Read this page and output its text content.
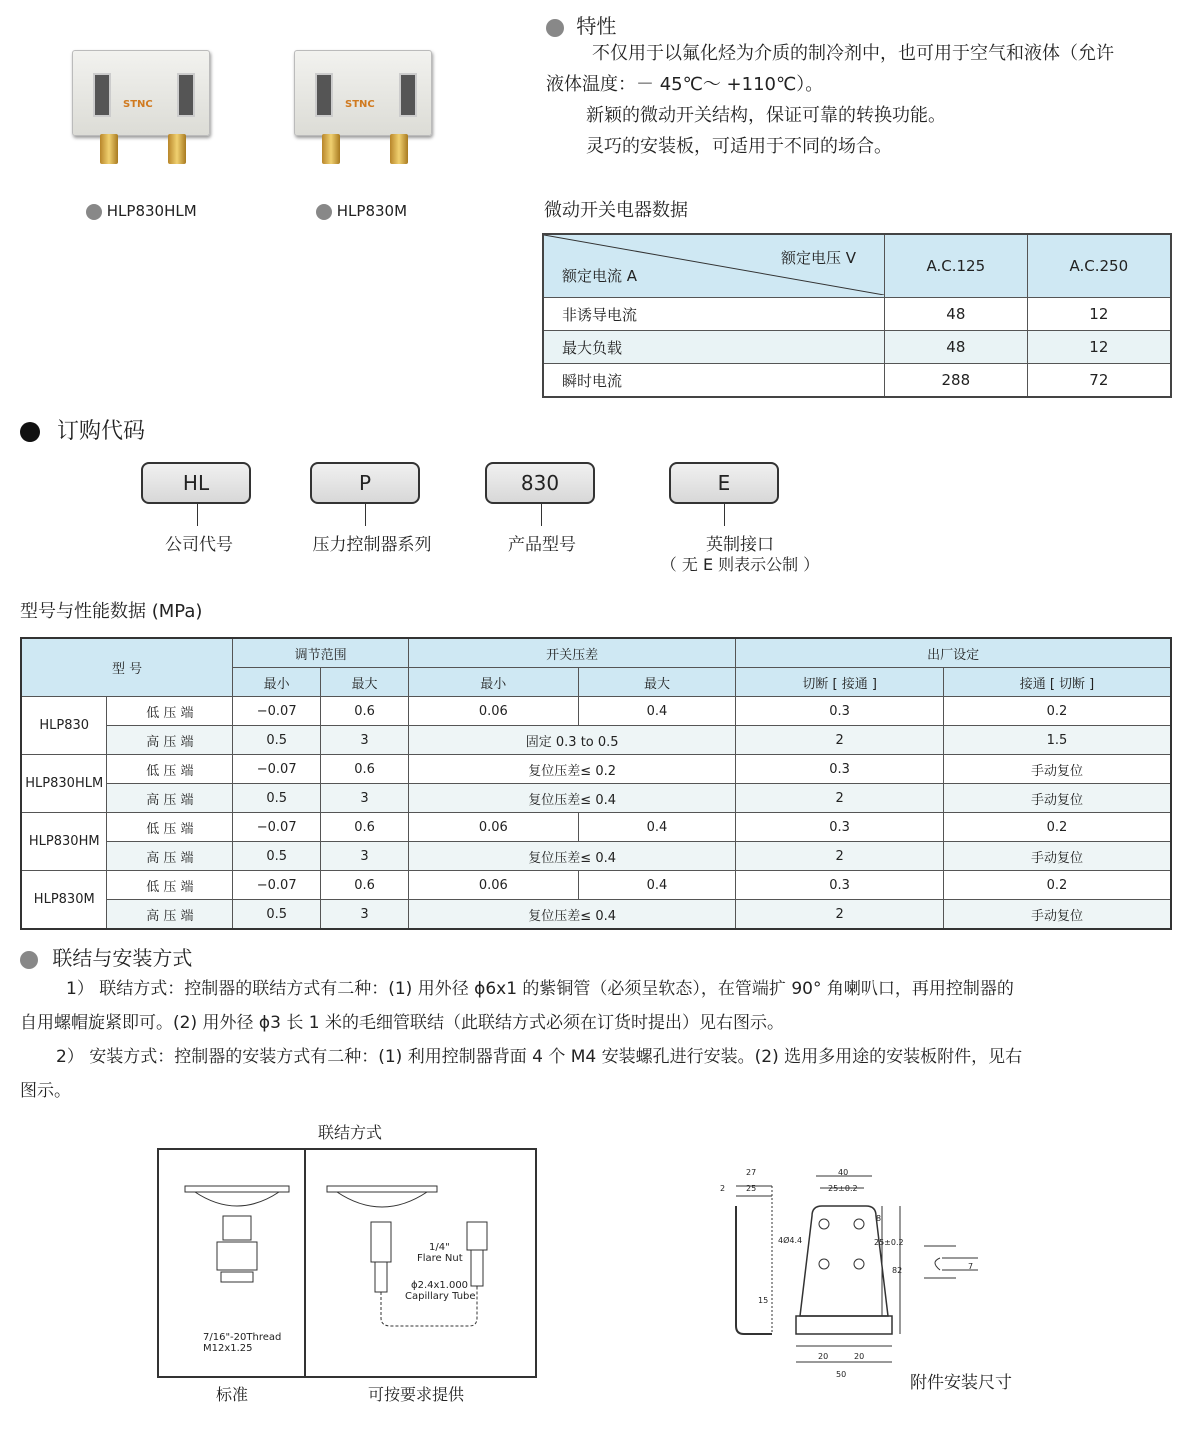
STNC
HLP830HLM
STNC
HLP830M
特性
不仅用于以氟化烃为介质的制冷剂中，也可用于空气和液体（允许
液体温度：－ 45℃～ +110℃）。
新颖的微动开关结构，保证可靠的转换功能。
灵巧的安装板，可适用于不同的场合。
微动开关电器数据
额定电压 V
额定电流 A	A.C.125	A.C.250
非诱导电流	48	12
最大负载	48	12
瞬时电流	288	72
订购代码
HL
公司代号
P
压力控制器系列
830
产品型号
E
英制接口
（ 无 E 则表示公制 ）
型号与性能数据 (MPa)
型 号		调节范围		开关压差		出厂设定	
		最小	最大	最小	最大	切断 [ 接通 ]	接通 [ 切断 ]
HLP830	低 压 端	−0.07	0.6	0.06	0.4	0.3	0.2
	高 压 端	0.5	3	固定 0.3 to 0.5		2	1.5
HLP830HLM	低 压 端	−0.07	0.6	复位压差≤ 0.2		0.3	手动复位
	高 压 端	0.5	3	复位压差≤ 0.4		2	手动复位
HLP830HM	低 压 端	−0.07	0.6	0.06	0.4	0.3	0.2
	高 压 端	0.5	3	复位压差≤ 0.4		2	手动复位
HLP830M	低 压 端	−0.07	0.6	0.06	0.4	0.3	0.2
	高 压 端	0.5	3	复位压差≤ 0.4		2	手动复位
联结与安装方式
1） 联结方式：控制器的联结方式有二种：(1) 用外径 ϕ6x1 的紫铜管（必须呈软态），在管端扩 90° 角喇叭口，再用控制器的
自用螺帽旋紧即可。(2) 用外径 ϕ3 长 1 米的毛细管联结（此联结方式必须在订货时提出）见右图示。
2） 安装方式：控制器的安装方式有二种：(1) 利用控制器背面 4 个 M4 安装螺孔进行安装。(2) 选用多用途的安装板附件，见右
图示。
联结方式
7/16"-20Thread
M12x1.25
1/4"
Flare Nut
ϕ2.4x1.000
Capillary Tube
标准	可按要求提供
27
2	25
40
25±0.2
8
25±0.2
4Ø4.4
82
15
20	20
50
7
附件安装尺寸
